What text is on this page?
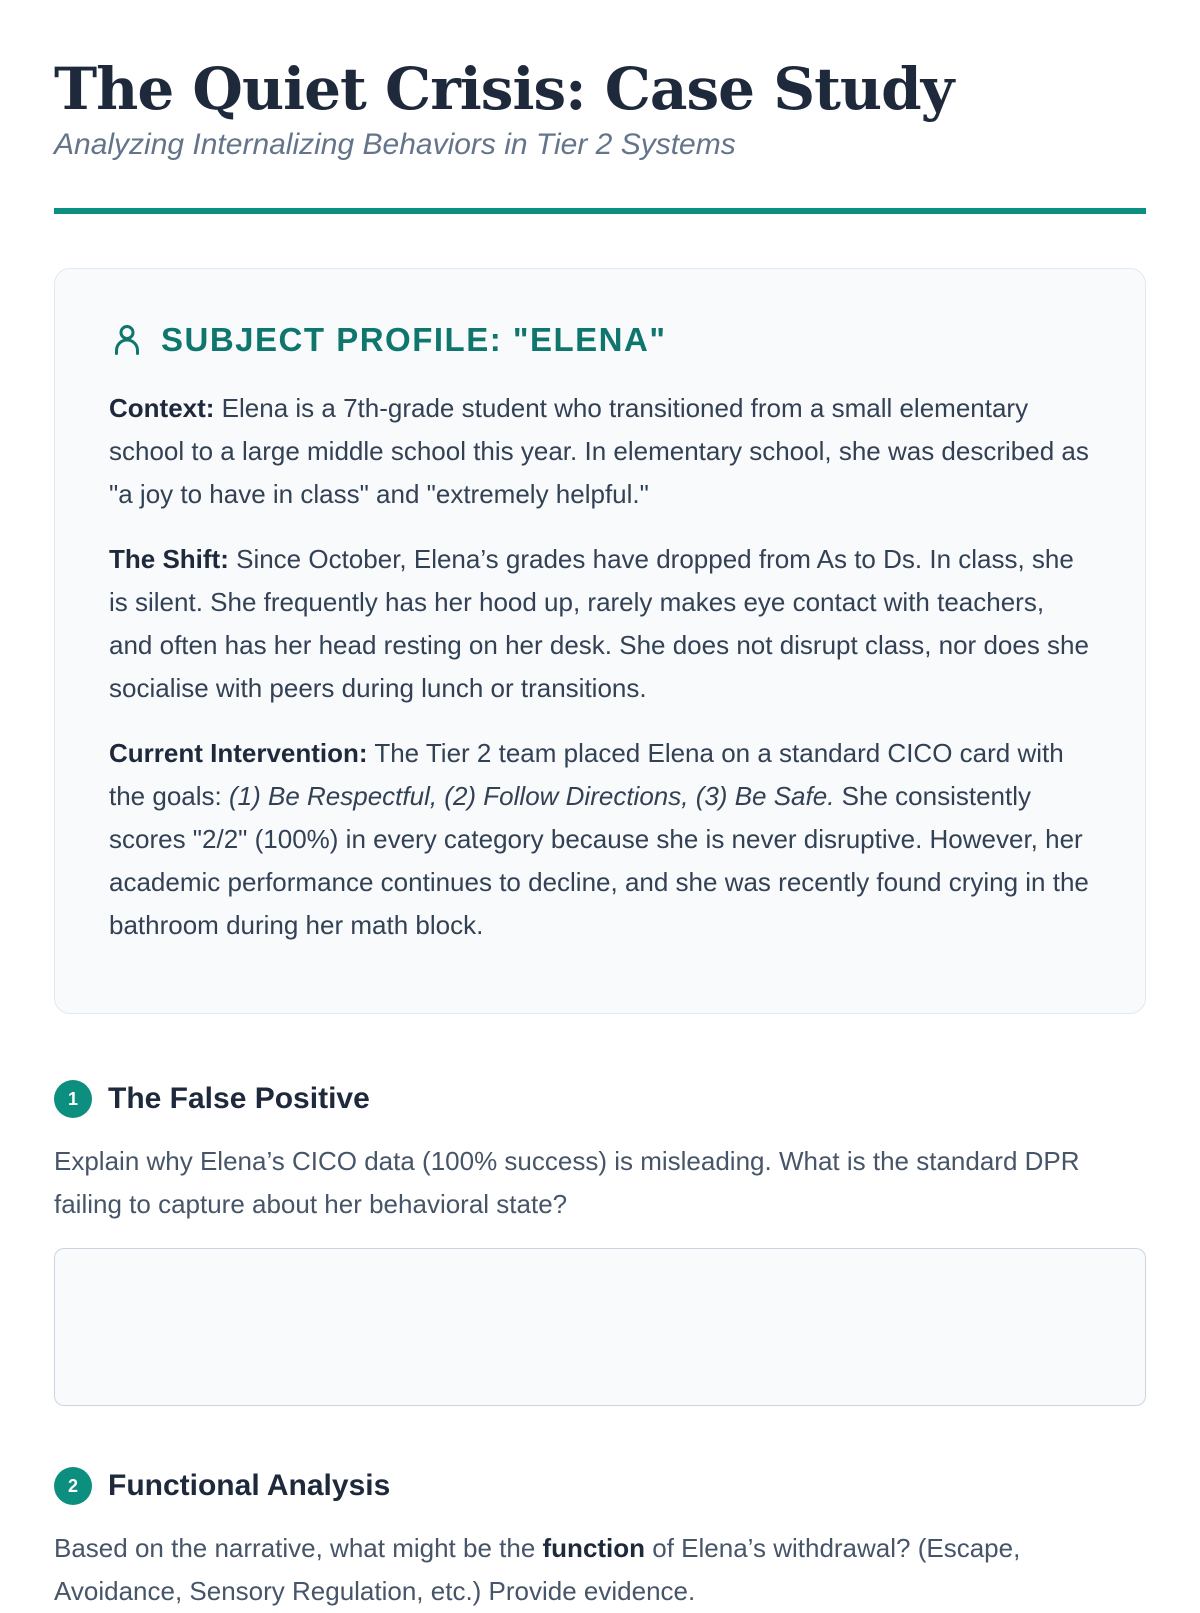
The Quiet Crisis: Case Study

Analyzing Internalizing Behaviors in Tier 2 Systems

SUBJECT PROFILE: "ELENA"

Context: Elena is a 7th-grade student who transitioned from a small elementary school to a large middle school this year. In elementary school, she was described as "a joy to have in class" and "extremely helpful."

The Shift: Since October, Elena’s grades have dropped from As to Ds. In class, she is silent. She frequently has her hood up, rarely makes eye contact with teachers, and often has her head resting on her desk. She does not disrupt class, nor does she socialise with peers during lunch or transitions.

Current Intervention: The Tier 2 team placed Elena on a standard CICO card with the goals: (1) Be Respectful, (2) Follow Directions, (3) Be Safe. She consistently scores "2/2" (100%) in every category because she is never disruptive. However, her academic performance continues to decline, and she was recently found crying in the bathroom during her math block.

1	The False Positive

Explain why Elena’s CICO data (100% success) is misleading. What is the standard DPR failing to capture about her behavioral state?

2	Functional Analysis

Based on the narrative, what might be the function of Elena’s withdrawal? (Escape, Avoidance, Sensory Regulation, etc.) Provide evidence.
